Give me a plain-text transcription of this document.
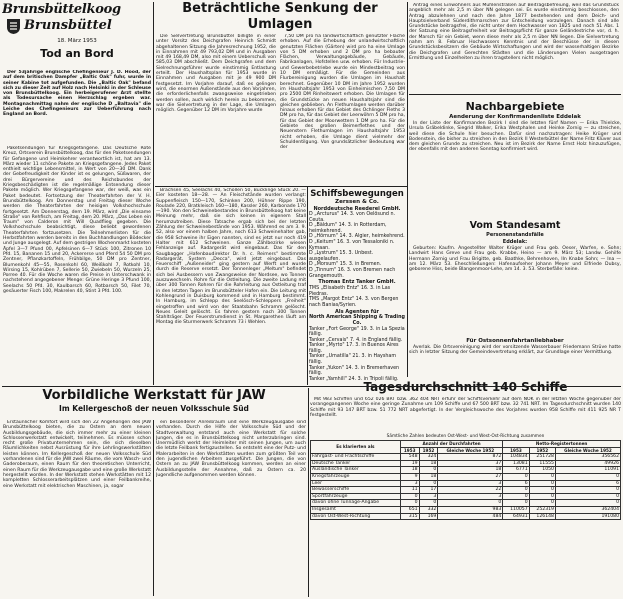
Brunsbüttelkoog
Brunsbüttel
18. März 1953
Tod an Bord
Der 53jährige englische Chefingenieur J. D. Hood, der auf dem britischen Dampfer „Baltic Oak" fuhr, wurde in seiner Kabine tot aufgefunden. Die „Baltic Oak" befand sich zu dieser Zeit auf Holz nach Helsinki in der Schleuse von Brunsbüttelkoog. Ein herbeigerufener Arzt stellte als Todesursache einen Herzschlag ergeben war. Montagnachmittag nahm der englische D „Baltavia" die Leiche des Chefingenieurs zur Ueberführung nach England an Bord.
Paketsendungen für Kriegsgefangene. Das Deutsche Rote Kreuz, Ortsverein Brunsbüttelkoog, das für den Paketsendungen für Gefangene und Heimkehrer verantwortlich ist, hat am 13. März wieder 11 schöne Pakete an Kriegsgefangene. Jedes Paket enthielt wichtige Lebensmittel, in Wert von 20—30 DM. Dank der Gebefreudigkeit der Kinder ist es gelungen, Süßwaren, der drei Bürgervereine und des Reichsbundes der Kriegsbeschädigten ist die regelmäßige Entsendung dieser Pakete möglich. Wer Kriegsgefangene war, der weiß, was ein Paket bedeutet. Fortsetzung der Theaterfahrten der V. H. Brunsbüttelkoog. Am Donnerstag und Freitag dieser Woche werden die Theaterfahrten der heisigen Volkshochschule fortgesetzt. Am Donnerstag, dem 19. März, wird „Die einsame Straße" von Rehfisch, am Freitag, dem 20. März, „Das Leben ein Traum" von Calderon mit Will Quadflieg gegeben. Die Volkshochschule beabsichtigt, diese beliebt gewordenen Theaterfahrten fortzusetzen. Die Teilnehmerlisten für die Herbstfahrten werden bereits in den Buchhandlungen Bödecker und Junge ausgelegt. Auf dem gestrigen Wochenmarkt kosteten Äpfel 3—7 Pfund 00, Apfelsinen 6—7 Stück 100, Zitronen 10 Pfd. 15, Bananen 15 und 20, Ackererse und Pferd 54 50 DM pro Zentner, Pflanzkartoffeln, Frühbilge, 50 DM pro Zentner, Blumenkohl 45—55, Rosenkohl 60, Weißkohl 7, Rotkohl 10, Wirsing 15, Kohlrüben 7, Sellerie 50, Zwiebeln 50, Wurzeln 25, Porree 40. Für die Woche waren die Preise in Unterschwank in nachstehend angegebener Menge: Grüne Heringe 3 Pfund 100, Seelachs 50 Pfd. 30, Kaulbarsch 60, Rotbarsch 50, Filet 70, gesäuerter Fisch 100, Makrelen 40, Stint 3 Pfd. 100.
Beträchtliche Senkung der Umlagen
Die Sielvertretung Brunsbüttel billigte in einer unter Vorsitz des Deichgrafen Heinrich Schmidt abgehaltenen Sitzung die Jahresrechnung 1952, die in Einnahmen mit 49 793,02 DM und in Ausgaben mit 49 168,49 DM, also mit einem Ueberschuß von 585,03 DM abschließt. Dem Deichgrafen und dem Sielrechnungsführer wurde einstimmig Entlastung erteilt. Der Haushaltsplan für 1953 wurde in Einnahmen und Ausgaben mit je 49 900 DM festgesetzt. Im Vorjahre darauf, daß es gelingen wird, die enormen Außenstände aus den Vorjahren, die erforderlichenfalls zwangsweise eingetrieben werden sollen, auch wirklich herein zu bekommen, war die Sielvertretung in der Lage, die Umlagen möglich. Gegenüber 12 DM im Vorjahre wurde
7,50 DM pro ha landwirtschaftlich genutzter Fläche erhoben. Auf die Erhebung der unlandwirtschaftlich genutzten Flächen (Gärten) wird pro ha eine Umlage von 5 DM erhoben und 2 DM pro ha bebauter Flächen, Verwaltungsgebäude, Gebäude, Fabrikanlagen, Hofstellen usw. erhoben. Für Industrie- und Gewerbebetriebe wurde ein Mindestbeitrag von 10 DM ermäßigt. Für die Gemeinden aus Flurbereinigung wurden die Umlagen im Haushalt berechnet. Gegenüber 10 DM im Jahre 1952 wurden im Haushaltsjahr 1953 von Einheimischen 7,50 DM pro 2500 DM Rinheitswert erhoben. Die Umlagen für die Grundstücke an neuen Haushaltsjahr sind die gleichen geblieben. An Flethumlagen werden darüber hinaus erhoben für das Gebiet des Ochlinger Fleths 3 DM pro ha, für das Gebiet der Leerwöhrn 5 DM pro ha, für das Gebiet der Moorwettern 1 DM pro ha. Für die Gebiete des großen Beimerflethes und der Neuenstern Flethumlagen im Haushaltsjahr 1953 nicht erhoben, die Umlage dient vielmehr der Schuldentilgung. Von grundsätzlicher Bedeutung war der
Antrag eines Einwohners aus Mühlenstraßen auf Beitragsbefreiung, weil das Grundstück angeblich mehr als 2,5 m über NN gelegen sei. Es wurde einstimmig beschlossen, den Antrag abzulehnen und nach den Jahre 1877 bestehenden und dem Deich- und Hauptsielverband Süderdithmarschen zur Entscheidung vorzulegen. Danach sind alle Grundstücke beitragsfrei, die nicht unter dem Hochwasser von 1825 und noch 51 Abs. 1 der Satzung eine Beitragsfreiheit vor Beitragspflicht für ganze Geländestriche vor, d. h. der Marsch für ein Gebiet, wenn diese mehr als 2,5 m über NN liegen. Die Sielvertretung nahm am 8. Februar Hochwassers Kenntnis und der Beschlüsse der in diesen Grundstücksbesitzern die Gebäude Wirtschaftungen und wird der wasserhaltigen Bezirke die Deichgrafen und Gerechten Städten und die Länderungen Vielen ausgetragen Ermittlung und Einzelheiten zu ihren tragstellers nicht möglich.
Brachsen 45, Seelachs 40, Schollen 50, Bücklinge Stück 20. — Eier kosteten 18—28. — An Fleischstände wurden verlangt: Suppenfleisch 150—170, Schinken 200, Hühner Rippe 190, Roulade 220, Bratkleisch 160—180, Kassler 260, Karbonade 170—190. Von den Schweinebestandes in Brunsbüttelkoog hat keine Meinung mehr, daß sie sich keinen in eigenem Stall herumzutreiben. Diese Tatsache ergab sich bei der letzten Zählung der Schweinebestände von 1953. Während es am 3. 9. 52, also vor einem halben Jahre, noch 613 Schweinehalter gab, die 958 Schweine ihr Eigen nannten, sind es jetzt nur noch 419 Halter mit 612 Schweinen. Ganze Zählbezirke wiesen Fehlanzeige auf. Radargerät wird eingebaut. Das für den Saugbagger „Hafenbaudirektor Dr. h. c. Reimers" bestimmte Radargerät, System „Decca", wird jetzt eingebaut. Das Feuerschiff „Außeneider" ging gestern auf Werft und wurde durch die Reserve ersetzt. Der Tonnenleger „Meltum" befindet sich bei Ausbessern von Zwangsweise der Nordsee, wo Tonnen auszuwechseln. Rohre für die Ostleitung. Die zweite Ladung mit über 300 Tonnen Rohren für die Rohrleitung aus Ostleitung traf in den letzten Tagen im Brunsbütteler Hafen ein. Die Leitung mit Kohlengrund in Duisburg kommend und in Hamburg bestimmt. In Hamburg, im Schlepp des Seelösch-Schleppers „Freiheit" eingetroffen und wird von der Staatsbahn Schramm gelöscht. Neues Geleit gelöscht. Es fahren gestern nach 300 Tonnen Stahlträger. Der Feuerstrumdienst in St. Margarethen läuft am Montag die Sturmerwerk Schramm 73 i Wehlen.
Schiffsbewegungen
Zerssen & Co.
Norddeutsche Reederei GmbH.
D „Arcturus" 14. 3. von Oelösund n. Ceuta.
D „Bäldum" 14. 3. in Rotterdam, heimkehrend.
D „Hörnum" 14. 3. Algier, heimkehrend.
D „Keitum" 16. 3. von Tessaloniki n. Kymaan.
D „Lystrum" 15. 3. Unbest. ausgelaufen.
D „Morsum" 15. 3. in Bremen.
D „Tinnum" 16. 3. von Bremen nach Grangemouth.
Thomas Entz Tanker GmbH.
TMS „Elisabeth Entz" 16. 3. in Las Piedras.
TMS „Margot Entz" 14. 3. von Bergen nach Banias/Syrien.
Als Agenten für
North American Shipping & Trading Co.
Tanker „Fort George" 19. 3. in La Spezia fällig.
Tanker „Cervais" 7. 4. in England fällig.
Tanker „Myrto" 17. 3. in Buenos Aires fällig.
Tanker „Umatilla" 21. 3. in Haysham fällig.
Tanker „Yukon" 14. 3. in Bremerhaven fällig.
Tanker „Yamhill" 24. 3. in Tripoli fällig.
Nachbargebiete
Aenderung der Konfirmandenliste Eddelak
In der Liste der Konfirmanden Bezirk I sind die letzten fünf Namen — Erika Thielcke, Ursula Gräbeldinke, Siegrid Walker, Erika Westphalen und Heinke Zornig — zu streichen, weil diese die Schule hier besuchen. Dafür sind nachzutragen: Heike Krüger und Bodenstein, die bisher zu streichen in den Bezirk II Westerbüttel der Name Fritz Klüver aus dem gleichen Grunde zu streichen. Neu ist im Bezirk der Name Ernst Holz hinzuzufügen, der ebenfalls mit den anderen Sonntag konfirmiert wird.
Vom Standesamt
Personenstandsfälle
Eddelak:
Geburten: Kaufm. Angestellter Walter Krüger und Frau geb. Oeser, Warfen, e. Sohn; Landwirt Hans Greve und Frau geb. Krabbe, Heino — am 9. März 53; Landw. Gehilfe Hermann Zornig und Frau Brigitte, geb. Baathke, Behrenhoven, Iln Knabe Sohn; — Ina — am 12. März 53. Eheschließungen: Hafenaufseher Johann Meyer und Elfriede Dubsy, geborene Hiss, beide Blangenmoor-Lehe, am 14. 3. 53. Sterbefälle: keine.
Für Ostsonnenfahrtanliebhaber
Averlak. Die Ortsvereinigung wird der vorsitzende Wasserbauer Friedemann Strüve hatte sich in letzter Sitzung der Gemeindevertretung erklärt, zur Grundlage einer Vermittlung.
Vorbildliche Werkstatt für JAW
Im Kellergeschoß der neuen Volksschule Süd
Erstaunlicher Komfort wird sich den 22 Angehörigen des JAW Brunsbüttelkoog bieten, die zu Ostern an dem neuen Ausbildungsgebäude, die sich immer mehr zu einer kleinen Schlosserwerkstatt entwickelt, teilnehmen. Es müssen schon recht große Privatunternehmen sein, die sich dieselben Räumlichkeiten nebst Ausrüstung für ihre Lehrlingswerkstätten leisten können. Im Kellergeschoß der neuen Volksschule Süd vorhandenen sind für die JAW zwei Räume, die vom Wasch- und Gaderoberaum, einen Raum für den theoretischen Unterricht, einen Raum für die Werkzeugausgabe und eine große Werkstatt hergestellt worden. In der Werkstatt stehen Werkstätten mit 12 kompletten Schlosserarbeitsplätzen und einer Feilbankreihe, eine Werkstatt mit elektrischen Maschinen, ja, sogar
ein besonderer Anreißraum und eine Werkzeugausgabe sind vorhanden. Durch die Hilfe der Volksschule Süd und der Stadtverwaltung entstand auch eine Werkstatt für solche Jungen, die es in Brunsbüttelkoog nicht unterzubringen sind. Unermüdlich werkt der Heimleiter mit seinen Jungen, um auch die letzte Feilbank fertigzustellen. So entsteht eine der Putz- und Malerarbeiten in den Werkstätten wurden zum größten Teil von den jugendlichen Arbeitern ausgeführt. Die Jungen, die von Ostern an zu JAW Brunsbüttelkoog kommen, werden an einer Ausbildungsstelle der Annahme, daß zu Ostern ca. 20 Jugendliche aufgenommen werden können.
Tagesdurchschnitt 140 Schiffe
Mit 983 Schiffen und 652 026 BRT bzw. 362 404 NRT erfuhr der Schiffsverkehr auf dem NOK in der letzten Woche gegenüber der vorangegangenen Woche eine geringe Zunahme um 109 Schiffe und 67 500 BRT bzw. 32 741 NRT. Im Tagesdurchschnitt wurden 140 Schiffe mit 93 147 BRT bzw. 51 772 NRT abgefertigt. In der Vergleichswoche des Vorjahres wurden 958 Schiffe mit 411 925 NR T festgestellt.
Sämtliche Zahlen bedeuten Ost-West- und West-Ost-Richtung zusammen
Es klarierten als	Anzahl der Durchfahrten			Netto-Registertonnen		
	1953	1952	Gleiche Woche 1952	1953	1952	Gleiche Woche 1952
Fahrgast- und Frachtschiffe	548	324	872	104834	251728	356562
Deutsche Tanker	19	18	37	13081	11555	49926
Ausländische Tanker	18	0	18	6771	1050	11091
Kriegsfahrzeuge	9	18	27	0	0	0
Leer	3	0	3	6	0	6
Bewasserschiffe	11	17	22	0	0	0
Sportfahrzeuge	0	3	3	0	0	0
davon ohne Tunnage-Angabe	0	0	0	0	0	0
Insgesamt	651	332	983	110057	252319	362404
davon Ost-West-Richtung	315	169	484	64931	126148	191080
